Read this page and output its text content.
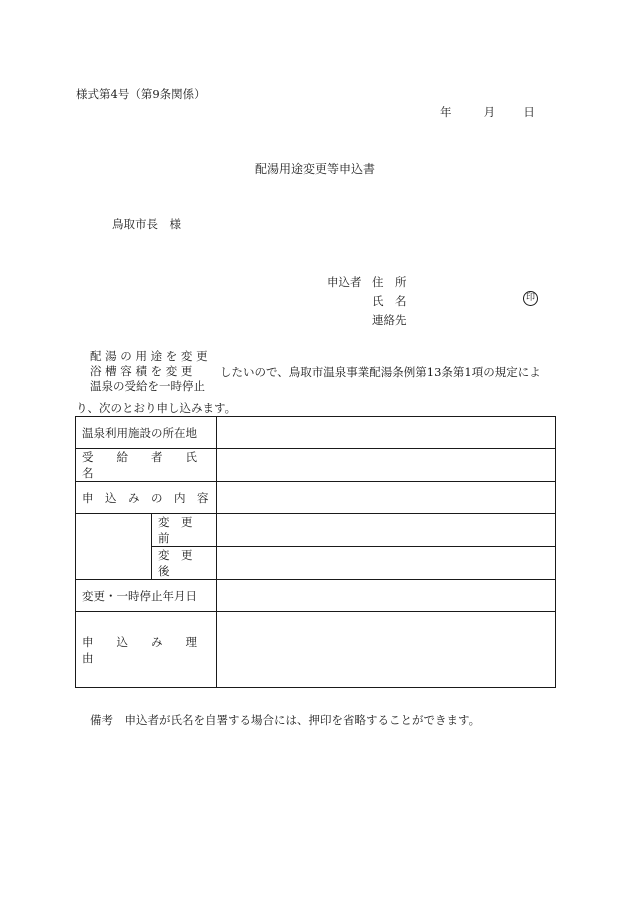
様式第4号（第9条関係）
年	月 日
配湯用途変更等申込書
鳥取市長　様
申込者 住　所
氏　名	印
連絡先
配 湯 の 用 途 を 変 更
浴 槽 容 積 を 変 更
温泉の受給を一時停止
したいので、鳥取市温泉事業配湯条例第13条第1項の規定によ
り、次のとおり申し込みます。
温泉利用施設の所在地		
受　　給　　者　　氏　　名		
申　込　み　の　内　容		
	変　更　前	
	変　更　後	
変更・一時停止年月日		
申　　込　　み　　理　　由		
備考　申込者が氏名を自署する場合には、押印を省略することができます。
